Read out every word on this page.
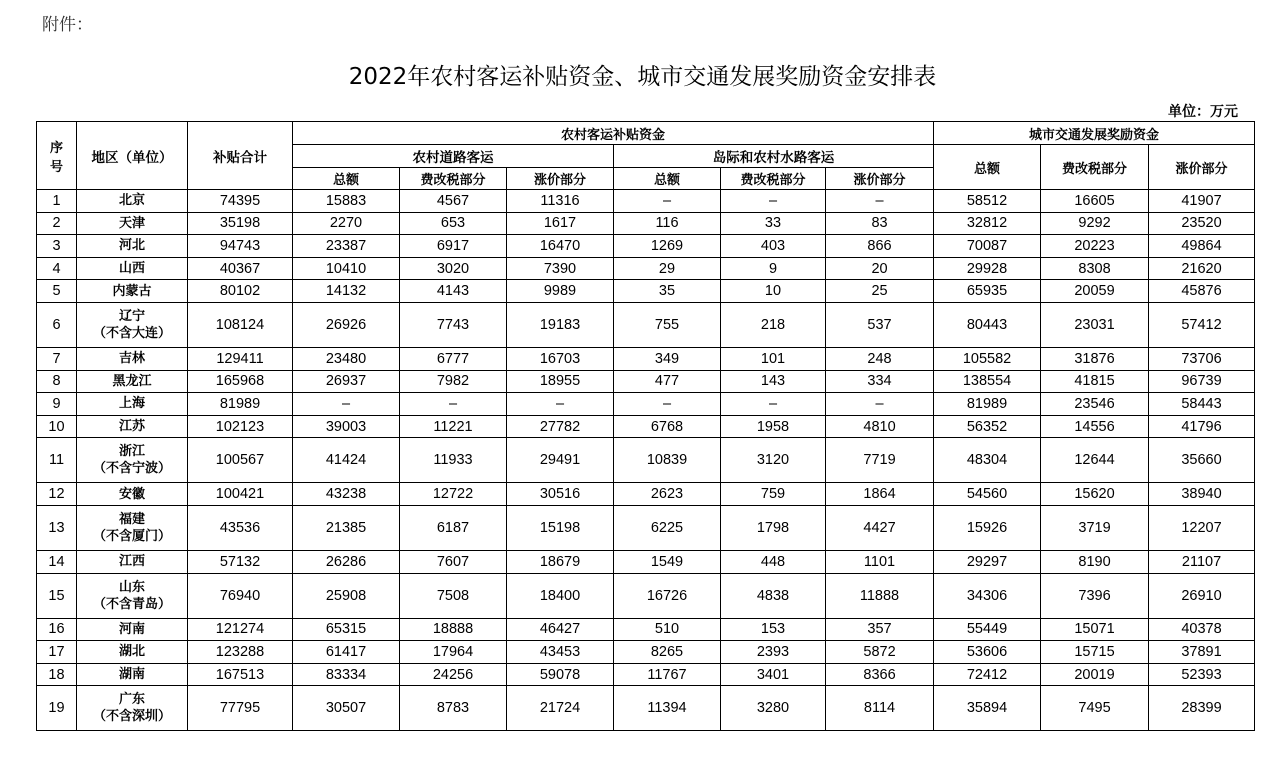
附件：
2022年农村客运补贴资金、城市交通发展奖励资金安排表
单位：万元
序
号	地区（单位）	补贴合计	农村客运补贴资金						城市交通发展奖励资金		
			农村道路客运			岛际和农村水路客运			总额	费改税部分	涨价部分
			总额	费改税部分	涨价部分	总额	费改税部分	涨价部分			
1	北京	74395	15883	4567	11316	–	–	–	58512	16605	41907
2	天津	35198	2270	653	1617	116	33	83	32812	9292	23520
3	河北	94743	23387	6917	16470	1269	403	866	70087	20223	49864
4	山西	40367	10410	3020	7390	29	9	20	29928	8308	21620
5	内蒙古	80102	14132	4143	9989	35	10	25	65935	20059	45876
6	辽宁
（不含大连）	108124	26926	7743	19183	755	218	537	80443	23031	57412
7	吉林	129411	23480	6777	16703	349	101	248	105582	31876	73706
8	黑龙江	165968	26937	7982	18955	477	143	334	138554	41815	96739
9	上海	81989	–	–	–	–	–	–	81989	23546	58443
10	江苏	102123	39003	11221	27782	6768	1958	4810	56352	14556	41796
11	浙江
（不含宁波）	100567	41424	11933	29491	10839	3120	7719	48304	12644	35660
12	安徽	100421	43238	12722	30516	2623	759	1864	54560	15620	38940
13	福建
（不含厦门）	43536	21385	6187	15198	6225	1798	4427	15926	3719	12207
14	江西	57132	26286	7607	18679	1549	448	1101	29297	8190	21107
15	山东
（不含青岛）	76940	25908	7508	18400	16726	4838	11888	34306	7396	26910
16	河南	121274	65315	18888	46427	510	153	357	55449	15071	40378
17	湖北	123288	61417	17964	43453	8265	2393	5872	53606	15715	37891
18	湖南	167513	83334	24256	59078	11767	3401	8366	72412	20019	52393
19	广东
（不含深圳）	77795	30507	8783	21724	11394	3280	8114	35894	7495	28399
